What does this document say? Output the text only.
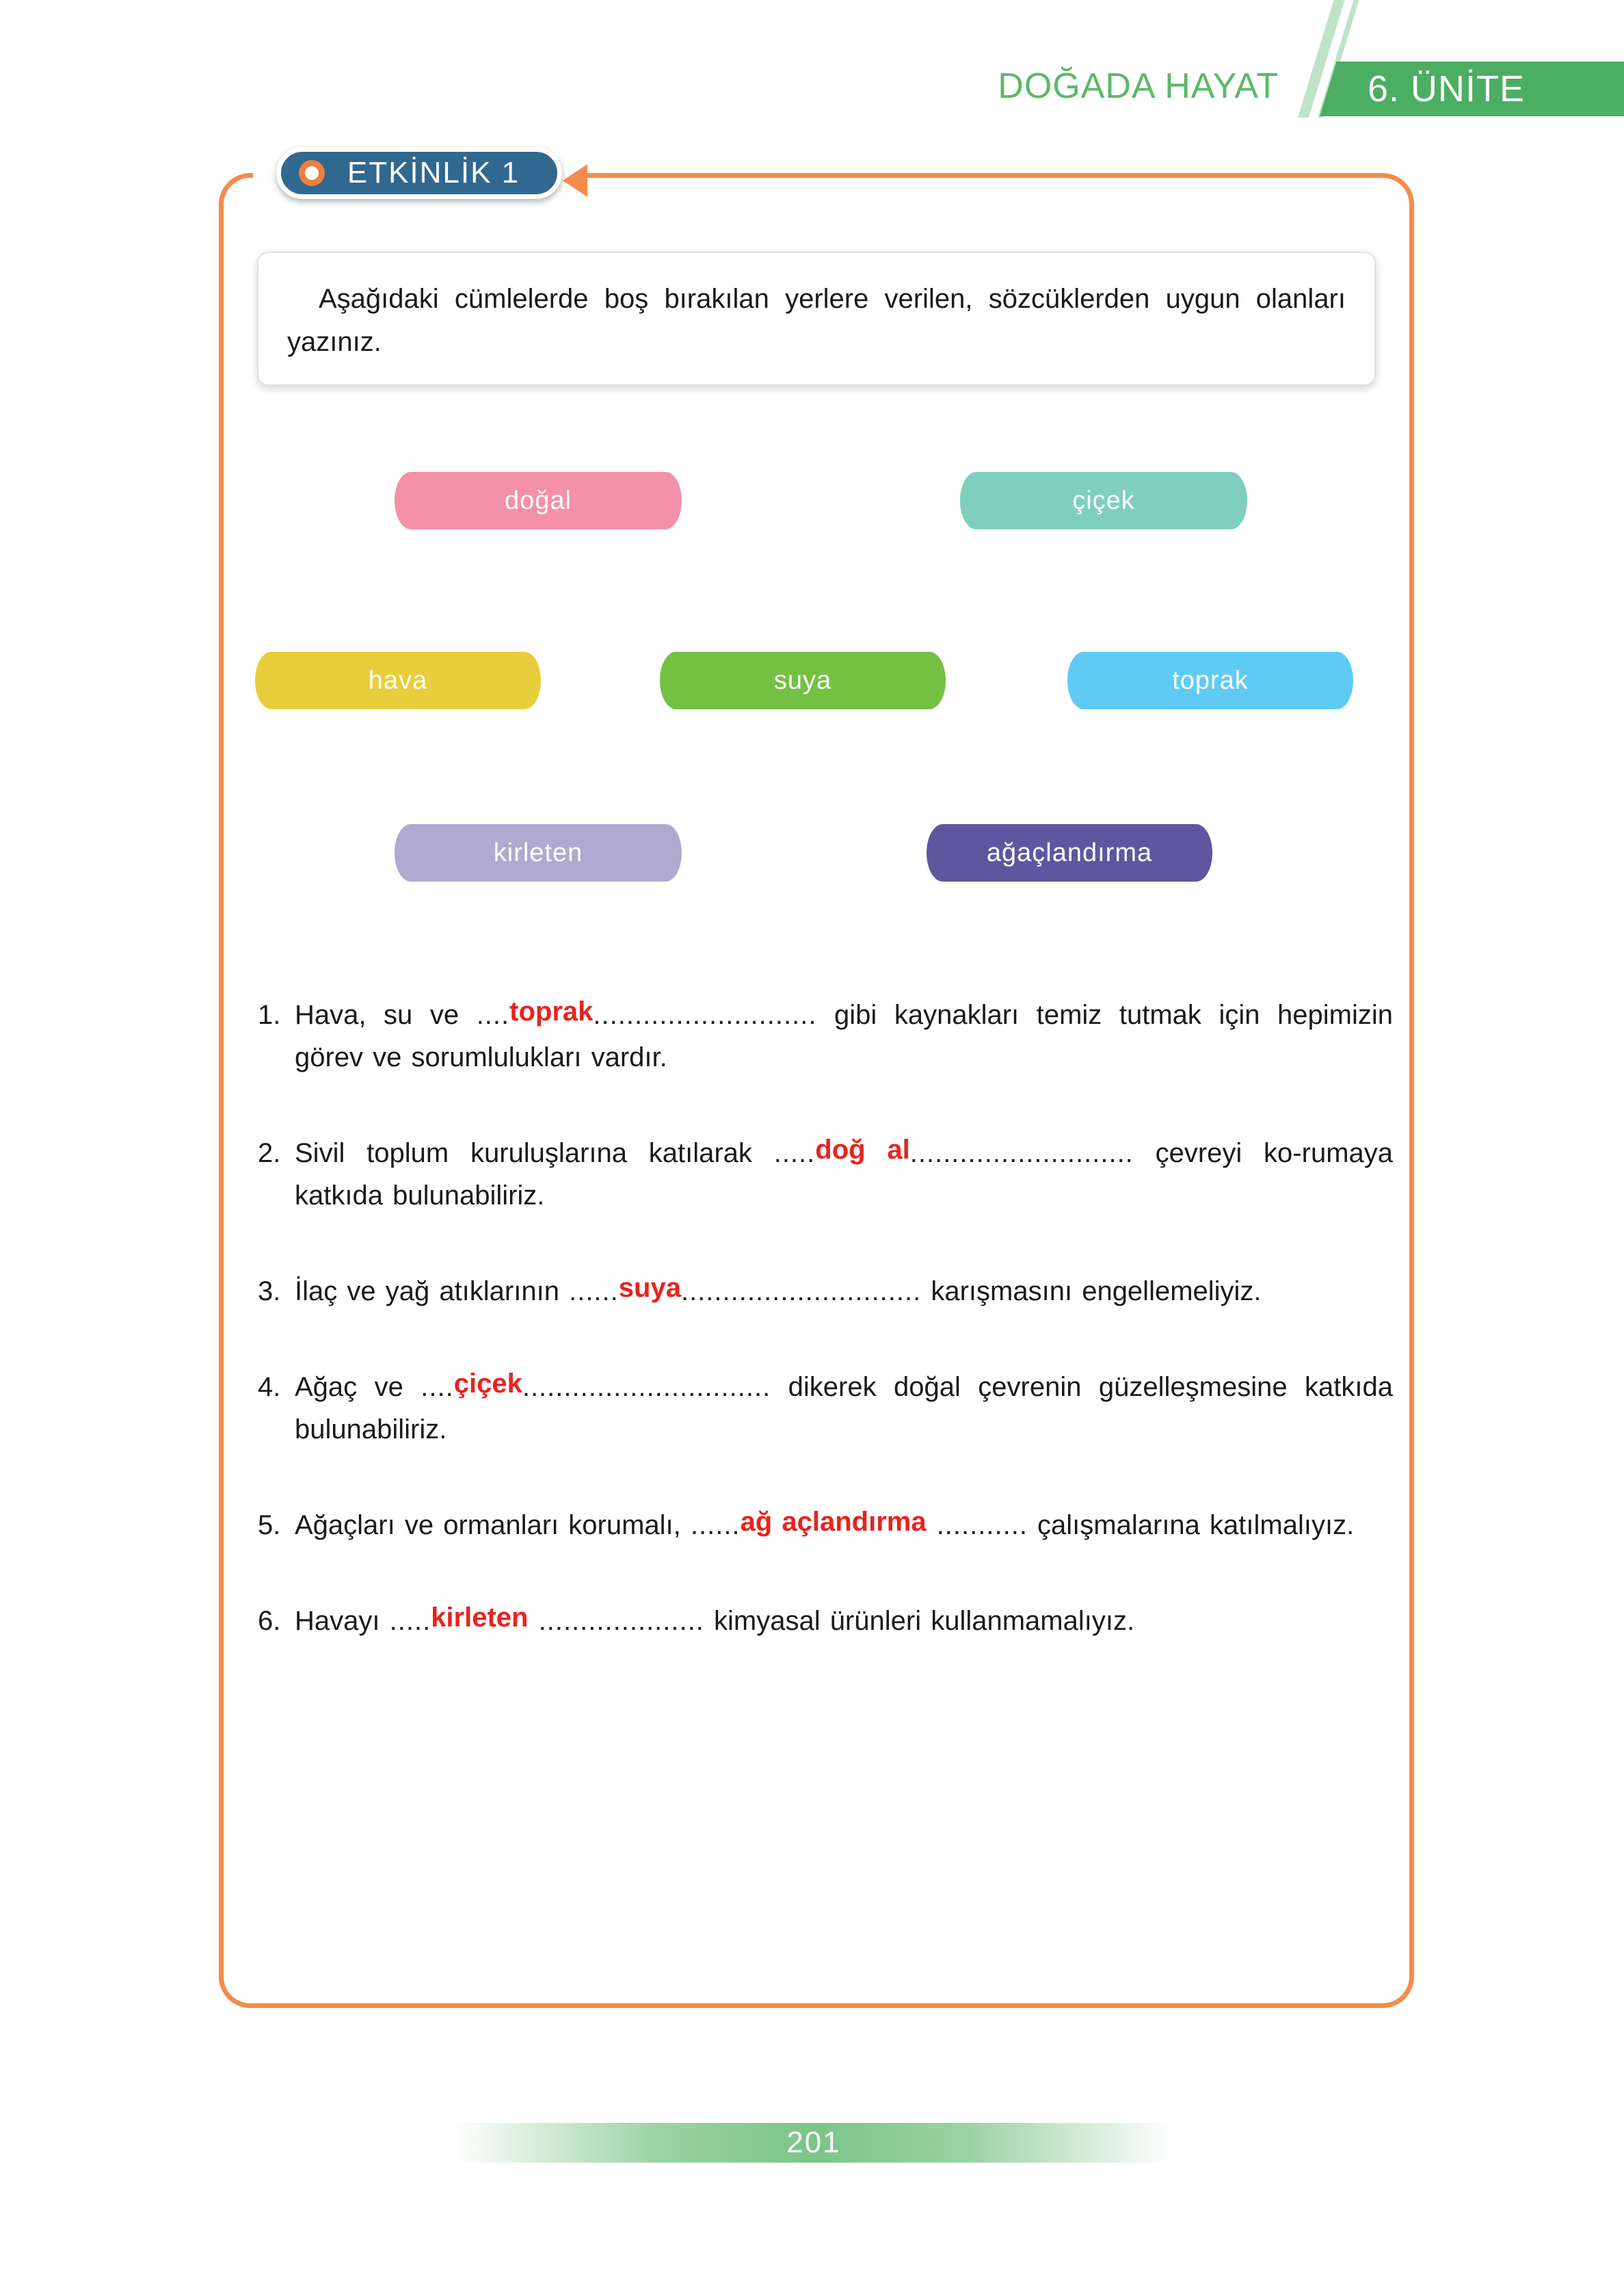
DOĞADA HAYAT 6. ÜNİTE
ETKİNLİK 1
Aşağıdaki cümlelerde boş bırakılan yerlere verilen, sözcüklerden uygun olanları yazınız.
doğal	çiçek
hava	suya	toprak
kirleten	ağaçlandırma
1. Hava, su ve ....toprak........................... gibi kaynakları temiz tutmak için hepimizin görev ve sorumlulukları vardır.
2. Sivil toplum kuruluşlarına katılarak .....doğ al........................... çevreyi ko-rumaya katkıda bulunabiliriz.
3. İlaç ve yağ atıklarının ......suya............................. karışmasını engellemeliyiz.
4. Ağaç ve ....çiçek.............................. dikerek doğal çevrenin güzelleşmesine katkıda bulunabiliriz.
5. Ağaçları ve ormanları korumalı, ......ağ açlandırma ........... çalışmalarına katılmalıyız.
6. Havayı .....kirleten .................... kimyasal ürünleri kullanmamalıyız.
201
